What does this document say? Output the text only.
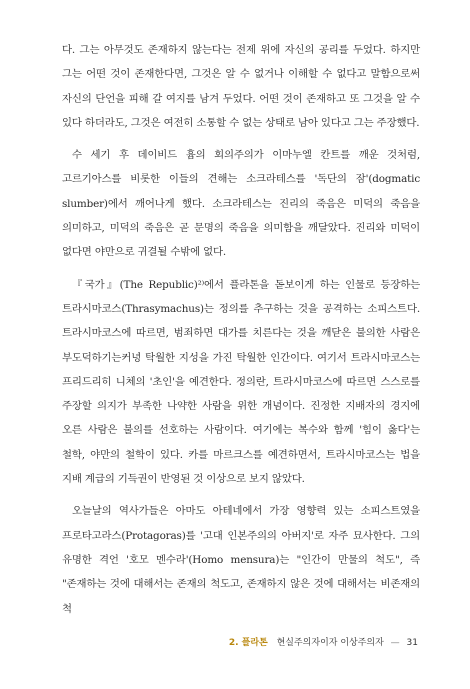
다. 그는 아무것도 존재하지 않는다는 전제 위에 자신의 공리를 두었다. 하지만 그는 어떤 것이 존재한다면, 그것은 알 수 없거나 이해할 수 없다고 말함으로써 자신의 단언을 피해 갈 여지를 남겨 두었다. 어떤 것이 존재하고 또 그것을 알 수 있다 하더라도, 그것은 여전히 소통할 수 없는 상태로 남아 있다고 그는 주장했다.

수 세기 후 데이비드 흄의 회의주의가 이마누엘 칸트를 깨운 것처럼, 고르기아스를 비롯한 이들의 견해는 소크라테스를 '독단의 잠'(dogmatic slumber)에서 깨어나게 했다. 소크라테스는 진리의 죽음은 미덕의 죽음을 의미하고, 미덕의 죽음은 곧 문명의 죽음을 의미함을 깨달았다. 진리와 미덕이 없다면 야만으로 귀결될 수밖에 없다.

『국가』(The Republic)²⁾에서 플라톤을 돋보이게 하는 인물로 등장하는 트라시마코스(Thrasymachus)는 정의를 추구하는 것을 공격하는 소피스트다. 트라시마코스에 따르면, 범죄하면 대가를 치른다는 것을 깨닫은 불의한 사람은 부도덕하기는커녕 탁월한 지성을 가진 탁월한 인간이다. 여기서 트라시마코스는 프리드리히 니체의 '초인'을 예견한다. 정의란, 트라시마코스에 따르면 스스로를 주장할 의지가 부족한 나약한 사람을 위한 개념이다. 진정한 지배자의 경지에 오른 사람은 불의를 선호하는 사람이다. 여기에는 복수와 함께 '힘이 옳다'는 철학, 야만의 철학이 있다. 카를 마르크스를 예견하면서, 트라시마코스는 법을 지배 계급의 기득권이 반영된 것 이상으로 보지 않았다.

오늘날의 역사가들은 아마도 아테네에서 가장 영향력 있는 소피스트였을 프로타고라스(Protagoras)를 '고대 인본주의의 아버지'로 자주 묘사한다. 그의 유명한 격언 '호모 멘수라'(Homo mensura)는 "인간이 만물의 척도", 즉 "존재하는 것에 대해서는 존재의 척도고, 존재하지 않은 것에 대해서는 비존재의 척

2. 플라톤 현실주의자이자 이상주의자 — 31
